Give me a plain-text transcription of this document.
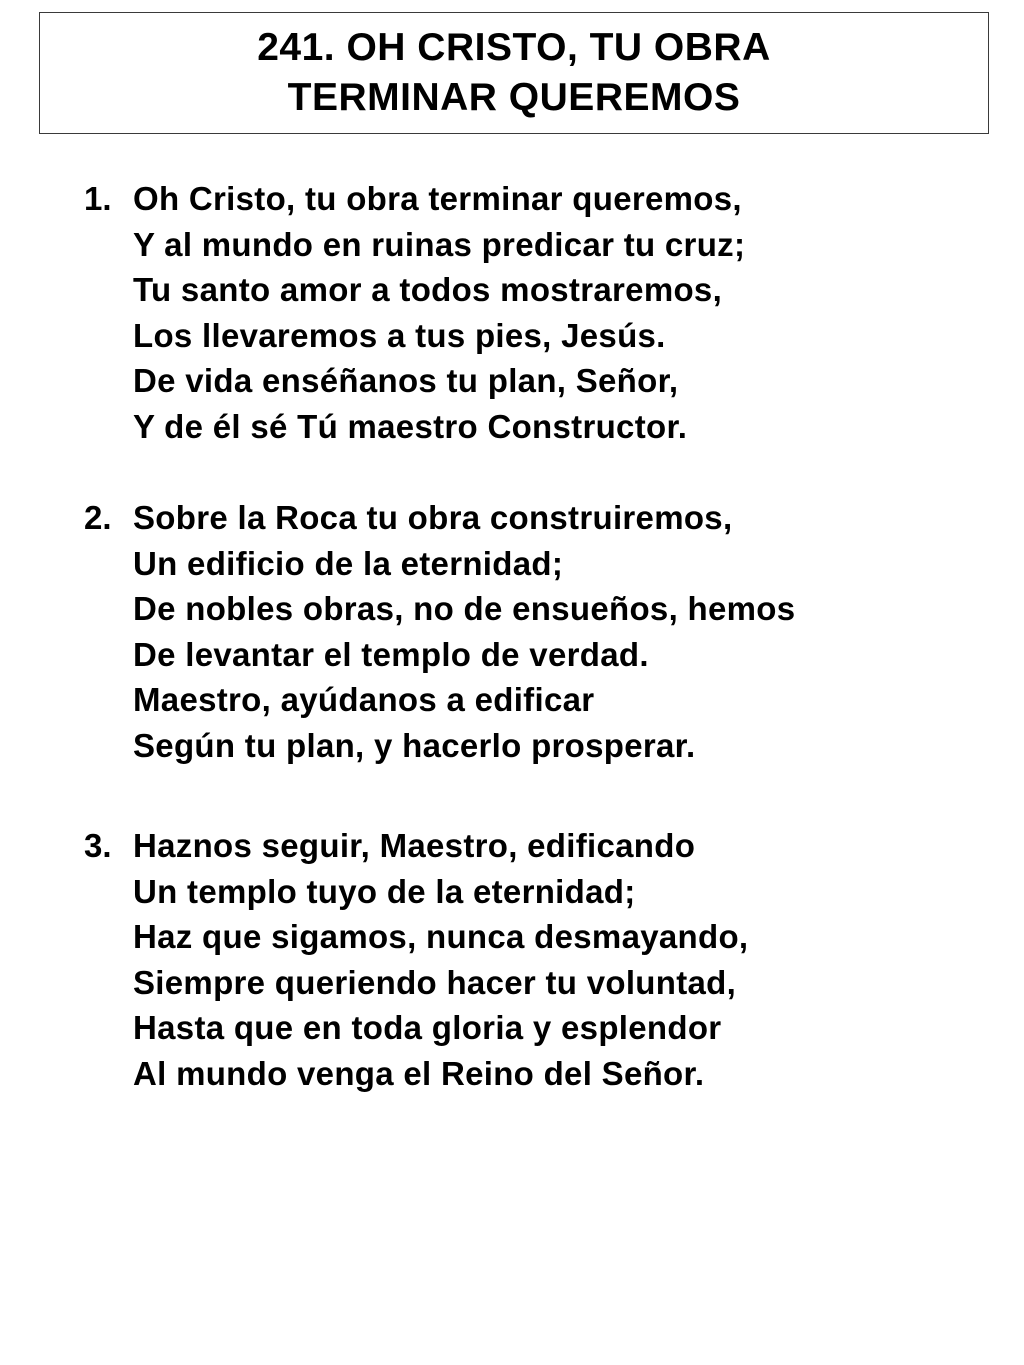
241. OH CRISTO, TU OBRA
TERMINAR QUEREMOS
1. Oh Cristo, tu obra terminar queremos,
Y al mundo en ruinas predicar tu cruz;
Tu santo amor a todos mostraremos,
Los llevaremos a tus pies, Jesús.
De vida enséñanos tu plan, Señor,
Y de él sé Tú maestro Constructor.
2. Sobre la Roca tu obra construiremos,
Un edificio de la eternidad;
De nobles obras, no de ensueños, hemos
De levantar el templo de verdad.
Maestro, ayúdanos a edificar
Según tu plan, y hacerlo prosperar.
3. Haznos seguir, Maestro, edificando
Un templo tuyo de la eternidad;
Haz que sigamos, nunca desmayando,
Siempre queriendo hacer tu voluntad,
Hasta que en toda gloria y esplendor
Al mundo venga el Reino del Señor.
